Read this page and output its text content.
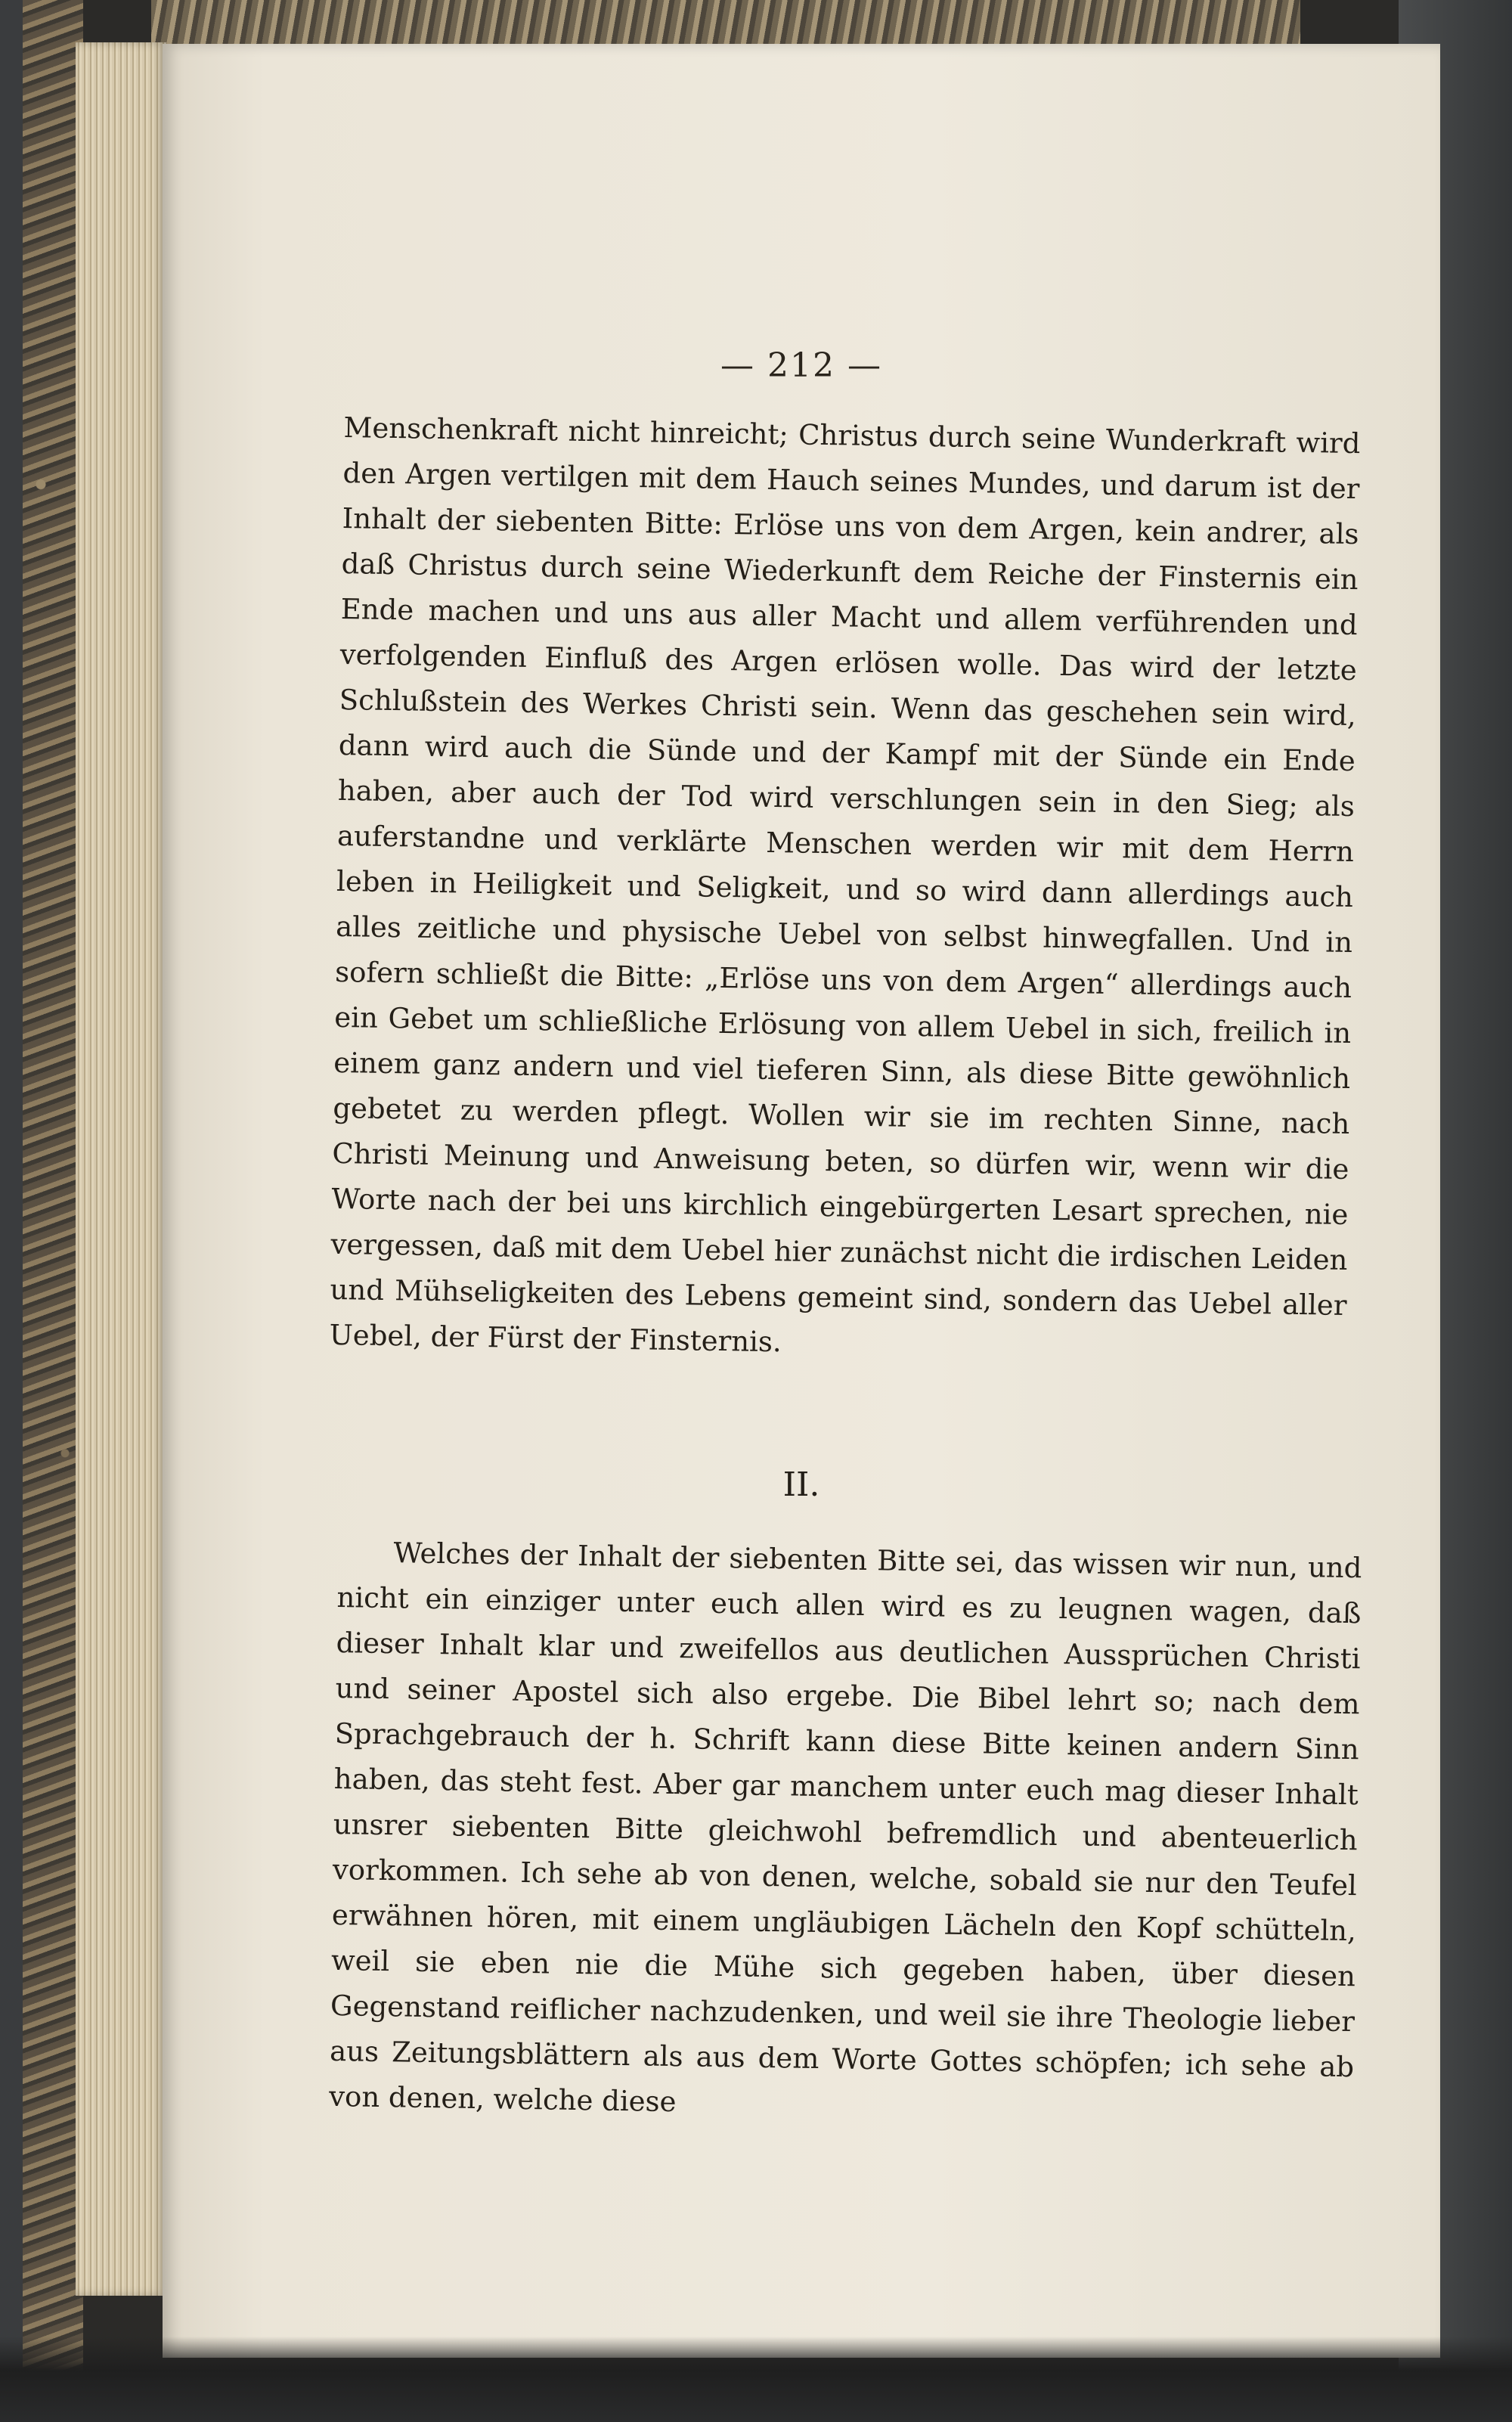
— 212 —

Menschenkraft nicht hinreicht; Christus durch seine Wunderkraft wird den Argen vertilgen mit dem Hauch seines Mundes, und darum ist der Inhalt der siebenten Bitte: Erlöse uns von dem Argen, kein andrer, als daß Christus durch seine Wiederkunft dem Reiche der Finsternis ein Ende machen und uns aus aller Macht und allem verführenden und verfolgenden Einfluß des Argen erlösen wolle. Das wird der letzte Schlußstein des Werkes Christi sein. Wenn das geschehen sein wird, dann wird auch die Sünde und der Kampf mit der Sünde ein Ende haben, aber auch der Tod wird verschlungen sein in den Sieg; als auferstandne und verklärte Menschen werden wir mit dem Herrn leben in Heiligkeit und Seligkeit, und so wird dann allerdings auch alles zeitliche und physische Uebel von selbst hinwegfallen. Und in sofern schließt die Bitte: „Erlöse uns von dem Argen“ allerdings auch ein Gebet um schließliche Erlösung von allem Uebel in sich, freilich in einem ganz andern und viel tieferen Sinn, als diese Bitte gewöhnlich gebetet zu werden pflegt. Wollen wir sie im rechten Sinne, nach Christi Meinung und Anweisung beten, so dürfen wir, wenn wir die Worte nach der bei uns kirchlich eingebürgerten Lesart sprechen, nie vergessen, daß mit dem Uebel hier zunächst nicht die irdischen Leiden und Mühseligkeiten des Lebens gemeint sind, sondern das Uebel aller Uebel, der Fürst der Finsternis.

II.

Welches der Inhalt der siebenten Bitte sei, das wissen wir nun, und nicht ein einziger unter euch allen wird es zu leugnen wagen, daß dieser Inhalt klar und zweifellos aus deutlichen Aussprüchen Christi und seiner Apostel sich also ergebe. Die Bibel lehrt so; nach dem Sprachgebrauch der h. Schrift kann diese Bitte keinen andern Sinn haben, das steht fest. Aber gar manchem unter euch mag dieser Inhalt unsrer siebenten Bitte gleichwohl befremdlich und abenteuerlich vorkommen. Ich sehe ab von denen, welche, sobald sie nur den Teufel erwähnen hören, mit einem ungläubigen Lächeln den Kopf schütteln, weil sie eben nie die Mühe sich gegeben haben, über diesen Gegenstand reiflicher nachzudenken, und weil sie ihre Theologie lieber aus Zeitungsblättern als aus dem Worte Gottes schöpfen; ich sehe ab von denen, welche diese
